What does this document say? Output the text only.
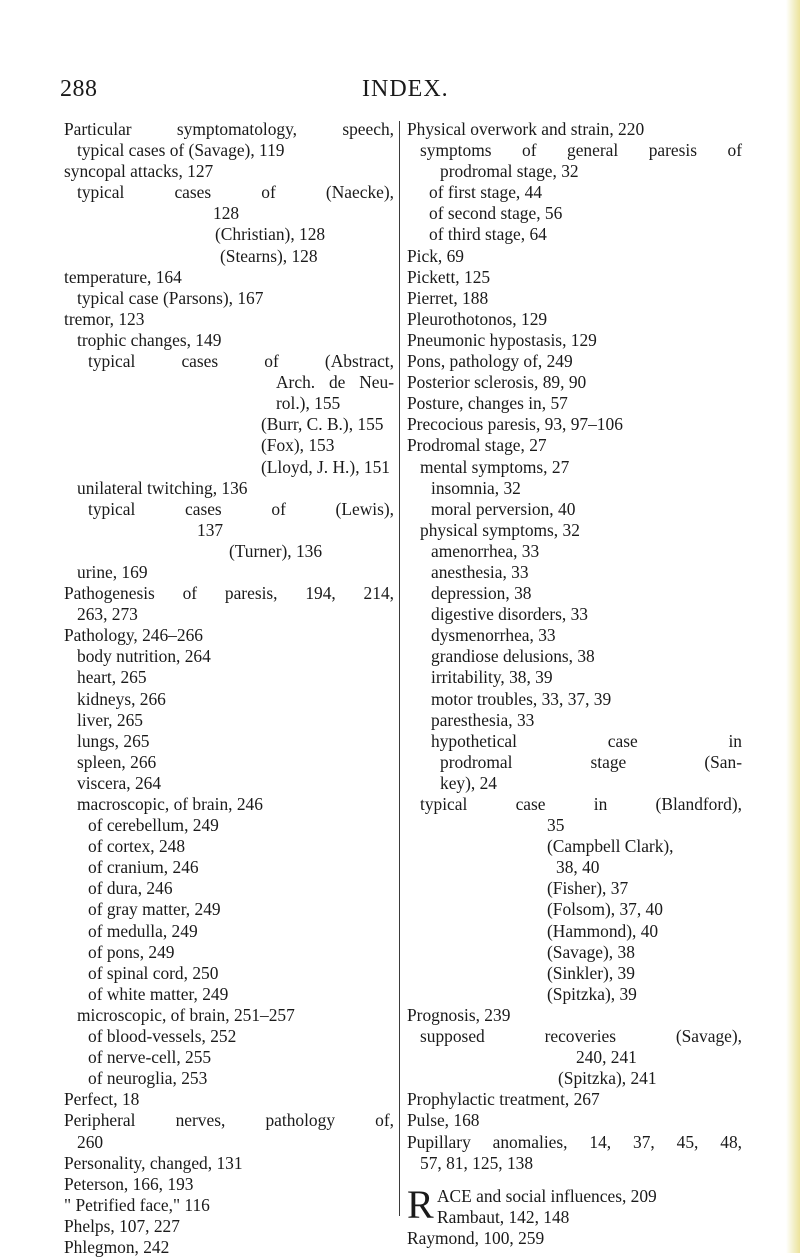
288	INDEX.
Particular symptomatology, speech,
typical cases of (Savage), 119
syncopal attacks, 127
typical cases of (Naecke),
128
(Christian), 128
(Stearns), 128
temperature, 164
typical case (Parsons), 167
tremor, 123
trophic changes, 149
typical cases of (Abstract,
Arch. de Neu-
rol.), 155
(Burr, C. B.), 155
(Fox), 153
(Lloyd, J. H.), 151
unilateral twitching, 136
typical cases of (Lewis),
137
(Turner), 136
urine, 169
Pathogenesis of paresis, 194, 214,
263, 273
Pathology, 246–266
body nutrition, 264
heart, 265
kidneys, 266
liver, 265
lungs, 265
spleen, 266
viscera, 264
macroscopic, of brain, 246
of cerebellum, 249
of cortex, 248
of cranium, 246
of dura, 246
of gray matter, 249
of medulla, 249
of pons, 249
of spinal cord, 250
of white matter, 249
microscopic, of brain, 251–257
of blood-vessels, 252
of nerve-cell, 255
of neuroglia, 253
Perfect, 18
Peripheral nerves, pathology of,
260
Personality, changed, 131
Peterson, 166, 193
" Petrified face," 116
Phelps, 107, 227
Phlegmon, 242
Physical overwork and strain, 220
symptoms of general paresis of
prodromal stage, 32
of first stage, 44
of second stage, 56
of third stage, 64
Pick, 69
Pickett, 125
Pierret, 188
Pleurothotonos, 129
Pneumonic hypostasis, 129
Pons, pathology of, 249
Posterior sclerosis, 89, 90
Posture, changes in, 57
Precocious paresis, 93, 97–106
Prodromal stage, 27
mental symptoms, 27
insomnia, 32
moral perversion, 40
physical symptoms, 32
amenorrhea, 33
anesthesia, 33
depression, 38
digestive disorders, 33
dysmenorrhea, 33
grandiose delusions, 38
irritability, 38, 39
motor troubles, 33, 37, 39
paresthesia, 33
hypothetical case in
prodromal stage (San-
key), 24
typical case in (Blandford),
35
(Campbell Clark),
38, 40
(Fisher), 37
(Folsom), 37, 40
(Hammond), 40
(Savage), 38
(Sinkler), 39
(Spitzka), 39
Prognosis, 239
supposed recoveries (Savage),
240, 241
(Spitzka), 241
Prophylactic treatment, 267
Pulse, 168
Pupillary anomalies, 14, 37, 45, 48,
57, 81, 125, 138
R ACE and social influences, 209
Rambaut, 142, 148
Raymond, 100, 259
